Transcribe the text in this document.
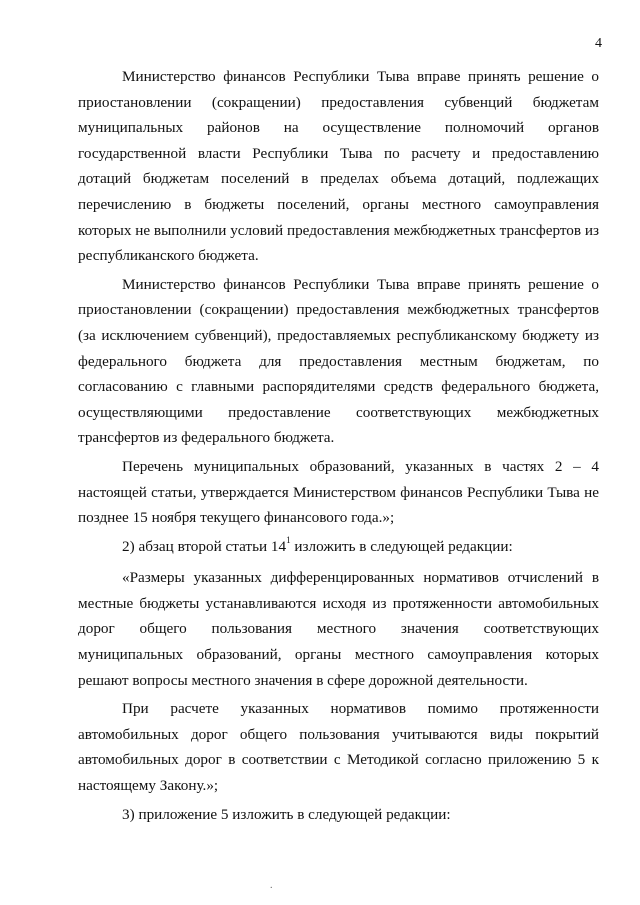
4

Министерство финансов Республики Тыва вправе принять решение о приостановлении (сокращении) предоставления субвенций бюджетам муниципальных районов на осуществление полномочий органов государственной власти Республики Тыва по расчету и предоставлению дотаций бюджетам поселений в пределах объема дотаций, подлежащих перечислению в бюджеты поселений, органы местного самоуправления которых не выполнили условий предоставления межбюджетных трансфертов из республиканского бюджета.

Министерство финансов Республики Тыва вправе принять решение о приостановлении (сокращении) предоставления межбюджетных трансфертов (за исключением субвенций), предоставляемых республиканскому бюджету из федерального бюджета для предоставления местным бюджетам, по согласованию с главными распорядителями средств федерального бюджета, осуществляющими предоставление соответствующих межбюджетных трансфертов из федерального бюджета.

Перечень муниципальных образований, указанных в частях 2 – 4 настоящей статьи, утверждается Министерством финансов Республики Тыва не позднее 15 ноября текущего финансового года.»;

2) абзац второй статьи $14^1$ изложить в следующей редакции:

«Размеры указанных дифференцированных нормативов отчислений в местные бюджеты устанавливаются исходя из протяженности автомобильных дорог общего пользования местного значения соответствующих муниципальных образований, органы местного самоуправления которых решают вопросы местного значения в сфере дорожной деятельности.

При расчете указанных нормативов помимо протяженности автомобильных дорог общего пользования учитываются виды покрытий автомобильных дорог в соответствии с Методикой согласно приложению 5 к настоящему Закону.»;

3) приложение 5 изложить в следующей редакции:

.
